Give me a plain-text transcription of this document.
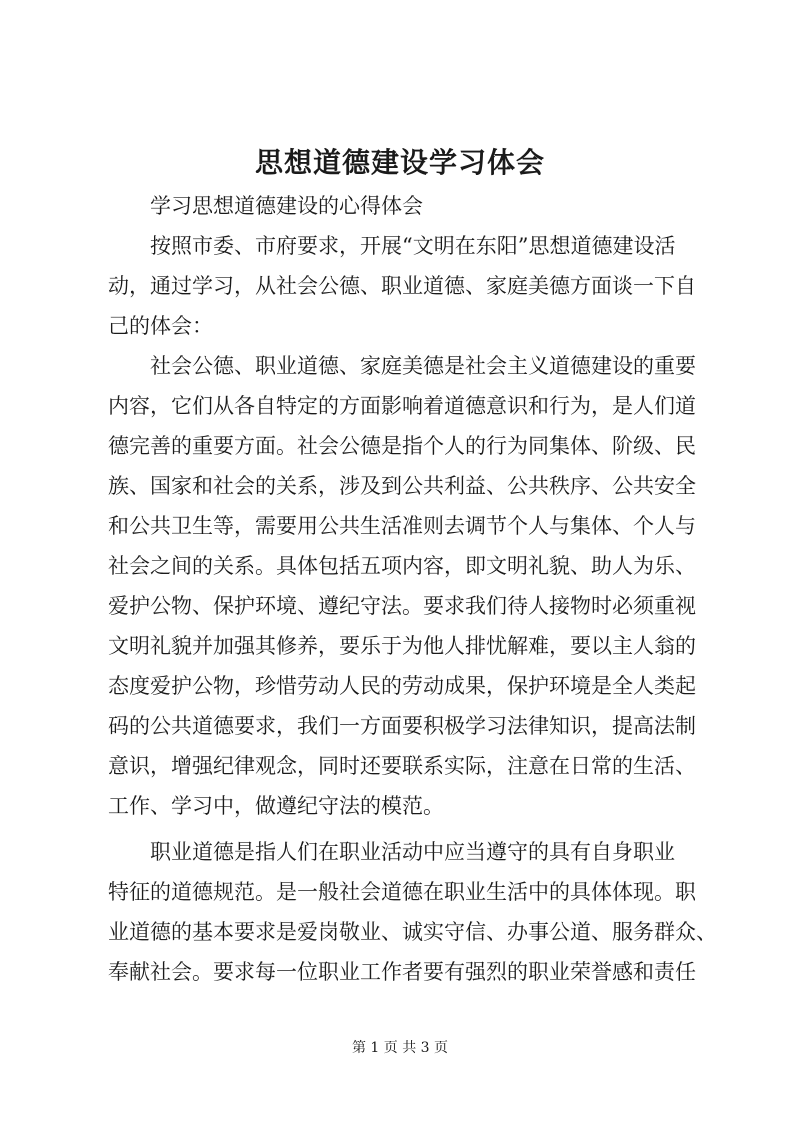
思想道德建设学习体会
学习思想道德建设的心得体会
按照市委、市府要求，开展“文明在东阳”思想道德建设活
动，通过学习，从社会公德、职业道德、家庭美德方面谈一下自
己的体会：
社会公德、职业道德、家庭美德是社会主义道德建设的重要
内容，它们从各自特定的方面影响着道德意识和行为，是人们道
德完善的重要方面。社会公德是指个人的行为同集体、阶级、民
族、国家和社会的关系，涉及到公共利益、公共秩序、公共安全
和公共卫生等，需要用公共生活准则去调节个人与集体、个人与
社会之间的关系。具体包括五项内容，即文明礼貌、助人为乐、
爱护公物、保护环境、遵纪守法。要求我们待人接物时必须重视
文明礼貌并加强其修养，要乐于为他人排忧解难，要以主人翁的
态度爱护公物，珍惜劳动人民的劳动成果，保护环境是全人类起
码的公共道德要求，我们一方面要积极学习法律知识，提高法制
意识，增强纪律观念，同时还要联系实际，注意在日常的生活、
工作、学习中，做遵纪守法的模范。
职业道德是指人们在职业活动中应当遵守的具有自身职业
特征的道德规范。是一般社会道德在职业生活中的具体体现。职
业道德的基本要求是爱岗敬业、诚实守信、办事公道、服务群众、
奉献社会。要求每一位职业工作者要有强烈的职业荣誉感和责任
第 1 页 共 3 页
